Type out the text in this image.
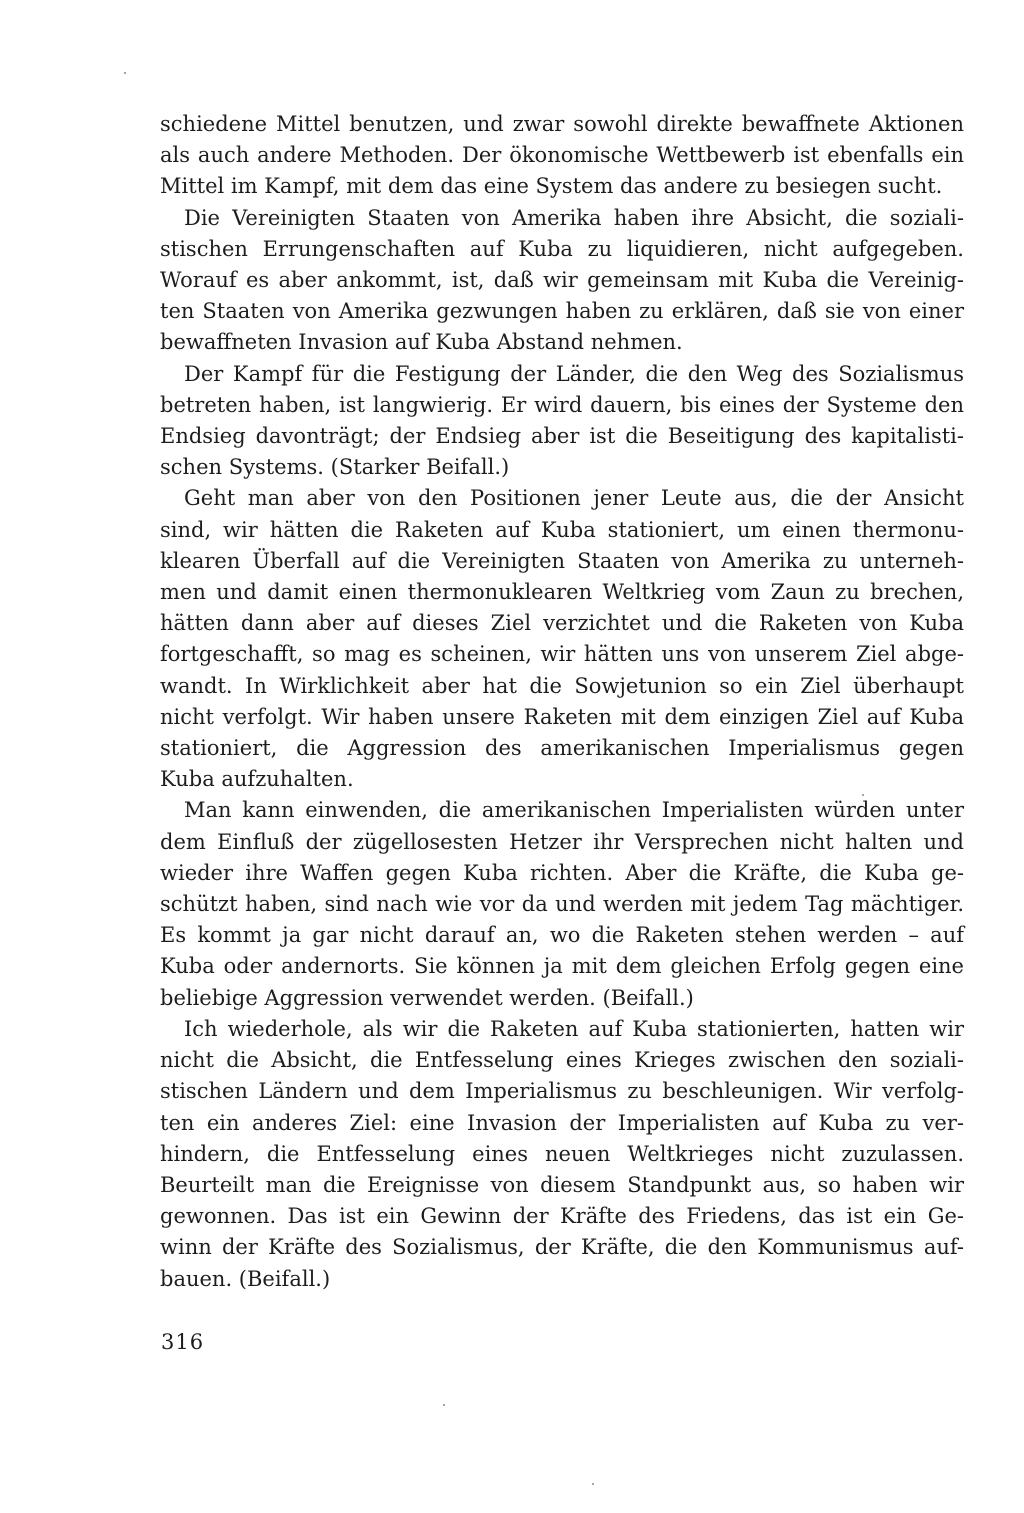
schiedene Mittel benutzen, und zwar sowohl direkte bewaffnete Aktionen
als auch andere Methoden. Der ökonomische Wettbewerb ist ebenfalls ein
Mittel im Kampf, mit dem das eine System das andere zu besiegen sucht.

Die Vereinigten Staaten von Amerika haben ihre Absicht, die soziali-
stischen Errungenschaften auf Kuba zu liquidieren, nicht aufgegeben.
Worauf es aber ankommt, ist, daß wir gemeinsam mit Kuba die Vereinig-
ten Staaten von Amerika gezwungen haben zu erklären, daß sie von einer
bewaffneten Invasion auf Kuba Abstand nehmen.

Der Kampf für die Festigung der Länder, die den Weg des Sozialismus
betreten haben, ist langwierig. Er wird dauern, bis eines der Systeme den
Endsieg davonträgt; der Endsieg aber ist die Beseitigung des kapitalisti-
schen Systems. (Starker Beifall.)

Geht man aber von den Positionen jener Leute aus, die der Ansicht
sind, wir hätten die Raketen auf Kuba stationiert, um einen thermonu-
klearen Überfall auf die Vereinigten Staaten von Amerika zu unterneh-
men und damit einen thermonuklearen Weltkrieg vom Zaun zu brechen,
hätten dann aber auf dieses Ziel verzichtet und die Raketen von Kuba
fortgeschafft, so mag es scheinen, wir hätten uns von unserem Ziel abge-
wandt. In Wirklichkeit aber hat die Sowjetunion so ein Ziel überhaupt
nicht verfolgt. Wir haben unsere Raketen mit dem einzigen Ziel auf Kuba
stationiert, die Aggression des amerikanischen Imperialismus gegen
Kuba aufzuhalten.

Man kann einwenden, die amerikanischen Imperialisten würden unter
dem Einfluß der zügellosesten Hetzer ihr Versprechen nicht halten und
wieder ihre Waffen gegen Kuba richten. Aber die Kräfte, die Kuba ge-
schützt haben, sind nach wie vor da und werden mit jedem Tag mächtiger.
Es kommt ja gar nicht darauf an, wo die Raketen stehen werden – auf
Kuba oder andernorts. Sie können ja mit dem gleichen Erfolg gegen eine
beliebige Aggression verwendet werden. (Beifall.)

Ich wiederhole, als wir die Raketen auf Kuba stationierten, hatten wir
nicht die Absicht, die Entfesselung eines Krieges zwischen den soziali-
stischen Ländern und dem Imperialismus zu beschleunigen. Wir verfolg-
ten ein anderes Ziel: eine Invasion der Imperialisten auf Kuba zu ver-
hindern, die Entfesselung eines neuen Weltkrieges nicht zuzulassen.
Beurteilt man die Ereignisse von diesem Standpunkt aus, so haben wir
gewonnen. Das ist ein Gewinn der Kräfte des Friedens, das ist ein Ge-
winn der Kräfte des Sozialismus, der Kräfte, die den Kommunismus auf-
bauen. (Beifall.)

316
